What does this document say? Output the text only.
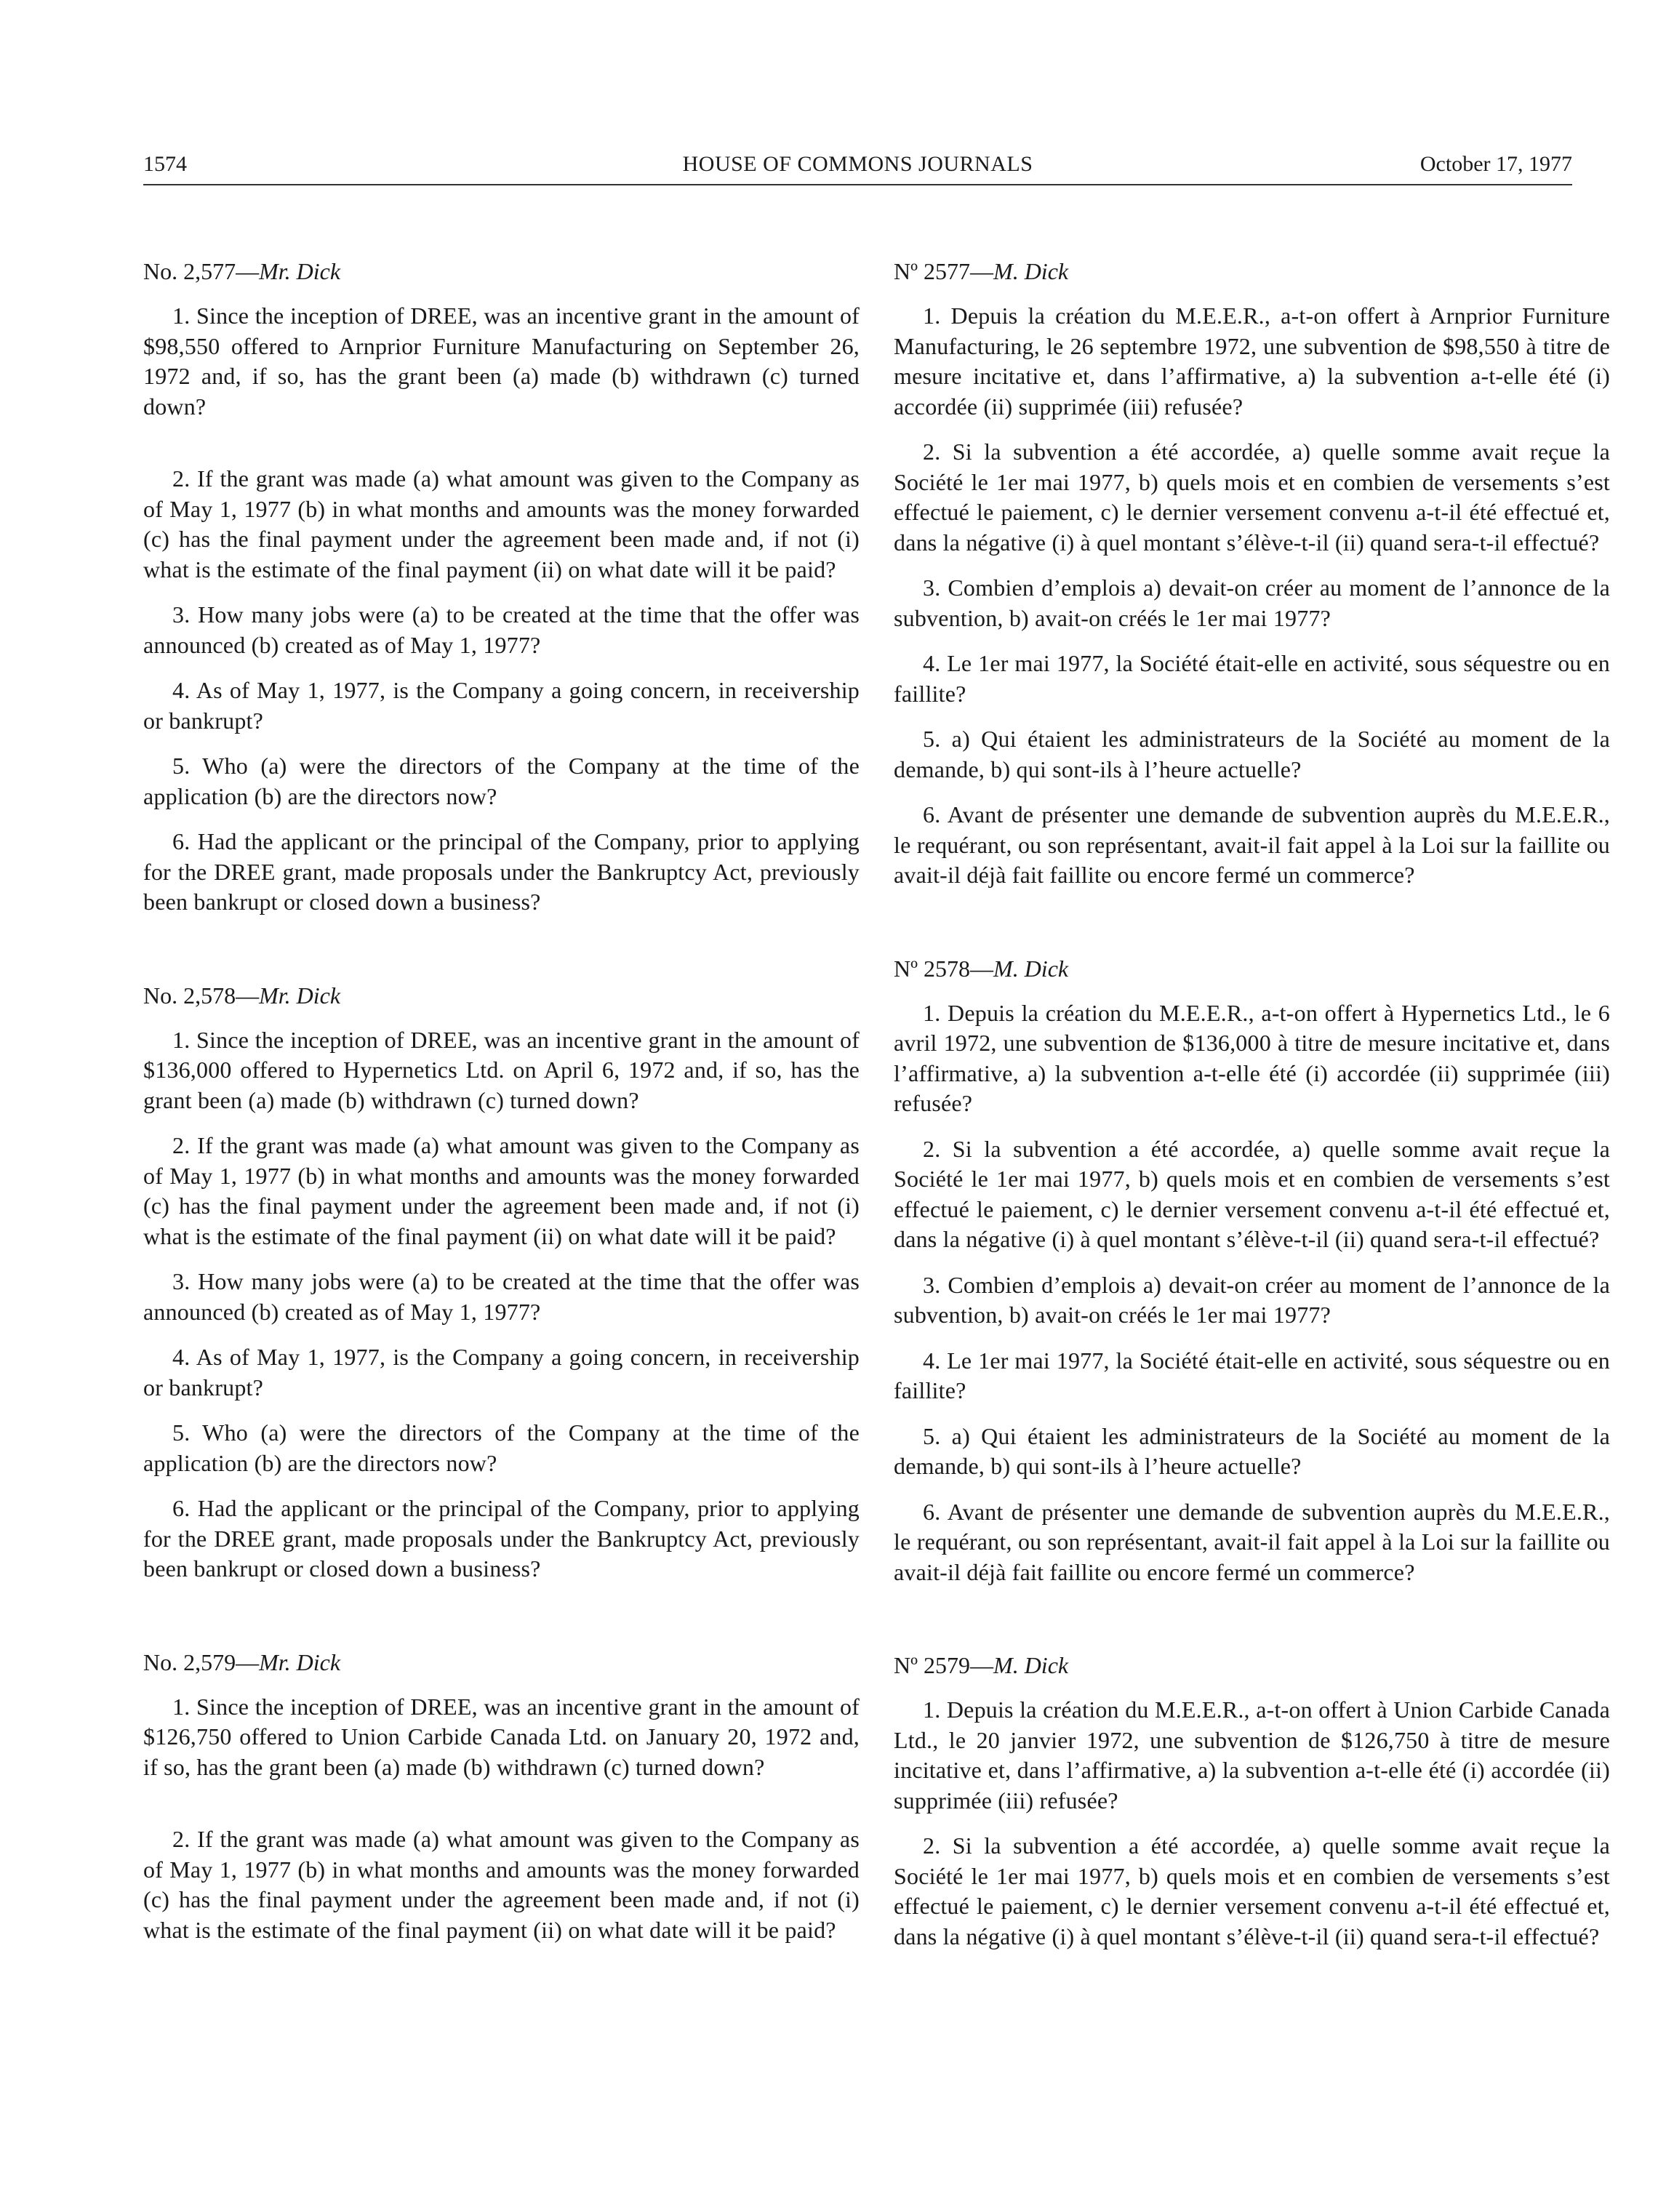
1574	HOUSE OF COMMONS JOURNALS	October 17, 1977
No. 2,577—Mr. Dick

1. Since the inception of DREE, was an incentive grant in the amount of $98,550 offered to Arnprior Furniture Manufacturing on September 26, 1972 and, if so, has the grant been (a) made (b) withdrawn (c) turned down?

2. If the grant was made (a) what amount was given to the Company as of May 1, 1977 (b) in what months and amounts was the money forwarded (c) has the final payment under the agreement been made and, if not (i) what is the estimate of the final payment (ii) on what date will it be paid?

3. How many jobs were (a) to be created at the time that the offer was announced (b) created as of May 1, 1977?

4. As of May 1, 1977, is the Company a going concern, in receivership or bankrupt?

5. Who (a) were the directors of the Company at the time of the application (b) are the directors now?

6. Had the applicant or the principal of the Company, prior to applying for the DREE grant, made proposals under the Bankruptcy Act, previously been bankrupt or closed down a business?

No. 2,578—Mr. Dick

1. Since the inception of DREE, was an incentive grant in the amount of $136,000 offered to Hypernetics Ltd. on April 6, 1972 and, if so, has the grant been (a) made (b) withdrawn (c) turned down?

2. If the grant was made (a) what amount was given to the Company as of May 1, 1977 (b) in what months and amounts was the money forwarded (c) has the final payment under the agreement been made and, if not (i) what is the estimate of the final payment (ii) on what date will it be paid?

3. How many jobs were (a) to be created at the time that the offer was announced (b) created as of May 1, 1977?

4. As of May 1, 1977, is the Company a going concern, in receivership or bankrupt?

5. Who (a) were the directors of the Company at the time of the application (b) are the directors now?

6. Had the applicant or the principal of the Company, prior to applying for the DREE grant, made proposals under the Bankruptcy Act, previously been bankrupt or closed down a business?

No. 2,579—Mr. Dick

1. Since the inception of DREE, was an incentive grant in the amount of $126,750 offered to Union Carbide Canada Ltd. on January 20, 1972 and, if so, has the grant been (a) made (b) withdrawn (c) turned down?

2. If the grant was made (a) what amount was given to the Company as of May 1, 1977 (b) in what months and amounts was the money forwarded (c) has the final payment under the agreement been made and, if not (i) what is the estimate of the final payment (ii) on what date will it be paid?

Nº 2577—M. Dick

1. Depuis la création du M.E.E.R., a-t-on offert à Arnprior Furniture Manufacturing, le 26 septembre 1972, une subvention de $98,550 à titre de mesure incitative et, dans l’affirmative, a) la subvention a-t-elle été (i) accordée (ii) supprimée (iii) refusée?

2. Si la subvention a été accordée, a) quelle somme avait reçue la Société le 1er mai 1977, b) quels mois et en combien de versements s’est effectué le paiement, c) le dernier versement convenu a-t-il été effectué et, dans la négative (i) à quel montant s’élève-t-il (ii) quand sera-t-il effectué?

3. Combien d’emplois a) devait-on créer au moment de l’annonce de la subvention, b) avait-on créés le 1er mai 1977?

4. Le 1er mai 1977, la Société était-elle en activité, sous séquestre ou en faillite?

5. a) Qui étaient les administrateurs de la Société au moment de la demande, b) qui sont-ils à l’heure actuelle?

6. Avant de présenter une demande de subvention auprès du M.E.E.R., le requérant, ou son représentant, avait-il fait appel à la Loi sur la faillite ou avait-il déjà fait faillite ou encore fermé un commerce?

Nº 2578—M. Dick

1. Depuis la création du M.E.E.R., a-t-on offert à Hypernetics Ltd., le 6 avril 1972, une subvention de $136,000 à titre de mesure incitative et, dans l’affirmative, a) la subvention a-t-elle été (i) accordée (ii) supprimée (iii) refusée?

2. Si la subvention a été accordée, a) quelle somme avait reçue la Société le 1er mai 1977, b) quels mois et en combien de versements s’est effectué le paiement, c) le dernier versement convenu a-t-il été effectué et, dans la négative (i) à quel montant s’élève-t-il (ii) quand sera-t-il effectué?

3. Combien d’emplois a) devait-on créer au moment de l’annonce de la subvention, b) avait-on créés le 1er mai 1977?

4. Le 1er mai 1977, la Société était-elle en activité, sous séquestre ou en faillite?

5. a) Qui étaient les administrateurs de la Société au moment de la demande, b) qui sont-ils à l’heure actuelle?

6. Avant de présenter une demande de subvention auprès du M.E.E.R., le requérant, ou son représentant, avait-il fait appel à la Loi sur la faillite ou avait-il déjà fait faillite ou encore fermé un commerce?

Nº 2579—M. Dick

1. Depuis la création du M.E.E.R., a-t-on offert à Union Carbide Canada Ltd., le 20 janvier 1972, une subvention de $126,750 à titre de mesure incitative et, dans l’affirmative, a) la subvention a-t-elle été (i) accordée (ii) supprimée (iii) refusée?

2. Si la subvention a été accordée, a) quelle somme avait reçue la Société le 1er mai 1977, b) quels mois et en combien de versements s’est effectué le paiement, c) le dernier versement convenu a-t-il été effectué et, dans la négative (i) à quel montant s’élève-t-il (ii) quand sera-t-il effectué?
